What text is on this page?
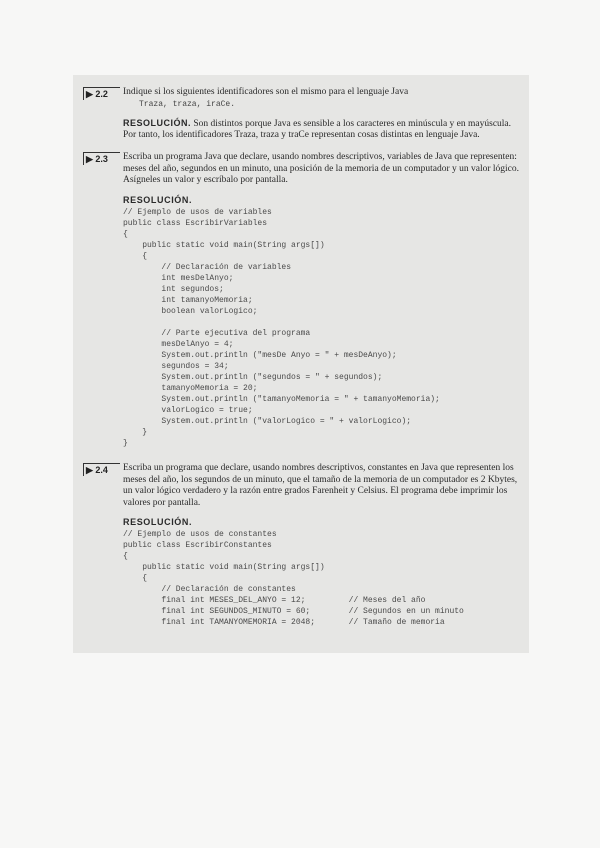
▶ 2.2	Indique si los siguientes identificadores son el mismo para el lenguaje Java
Traza, traza, iraCe.
RESOLUCIÓN. Son distintos porque Java es sensible a los caracteres en minúscula y en mayúscula. Por tanto, los identificadores Traza, traza y traCe representan cosas distintas en lenguaje Java.
▶ 2.3	Escriba un programa Java que declare, usando nombres descriptivos, variables de Java que representen: meses del año, segundos en un minuto, una posición de la memoria de un computador y un valor lógico. Asígneles un valor y escríbalo por pantalla.
RESOLUCIÓN.
// Ejemplo de usos de variables
public class EscribirVariables
{
public static void main(String args[])
{
// Declaración de variables
int mesDelAnyo;
int segundos;
int tamanyoMemoria;
boolean valorLogico;

// Parte ejecutiva del programa
mesDelAnyo = 4;
System.out.println ("mesDe Anyo = " + mesDeAnyo);
segundos = 34;
System.out.println ("segundos = " + segundos);
tamanyoMemoria = 20;
System.out.println ("tamanyoMemoria = " + tamanyoMemoria);
valorLogico = true;
System.out.println ("valorLogico = " + valorLogico);
}
}
▶ 2.4	Escriba un programa que declare, usando nombres descriptivos, constantes en Java que representen los meses del año, los segundos de un minuto, que el tamaño de la memoria de un computador es 2 Kbytes, un valor lógico verdadero y la razón entre grados Farenheit y Celsius. El programa debe imprimir los valores por pantalla.
RESOLUCIÓN.
// Ejemplo de usos de constantes
public class EscribirConstantes
{
public static void main(String args[])
{
// Declaración de constantes
final int MESES_DEL_ANYO = 12;         // Meses del año
final int SEGUNDOS_MINUTO = 60;        // Segundos en un minuto
final int TAMANYOMEMORIA = 2048;       // Tamaño de memoria
